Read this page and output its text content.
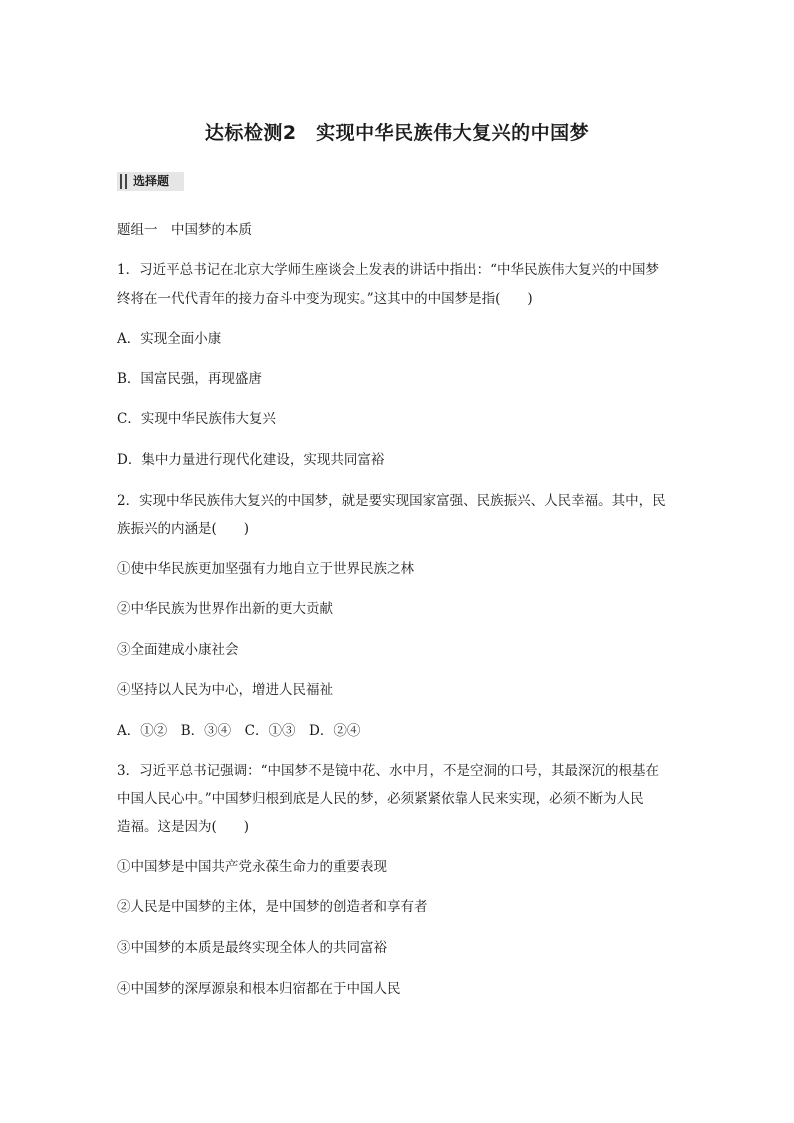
达标检测2　实现中华民族伟大复兴的中国梦
选择题
题组一　中国梦的本质
1．习近平总书记在北京大学师生座谈会上发表的讲话中指出：“中华民族伟大复兴的中国梦
终将在一代代青年的接力奋斗中变为现实。”这其中的中国梦是指(　　)
A．实现全面小康
B．国富民强，再现盛唐
C．实现中华民族伟大复兴
D．集中力量进行现代化建设，实现共同富裕
2．实现中华民族伟大复兴的中国梦，就是要实现国家富强、民族振兴、人民幸福。其中，民
族振兴的内涵是(　　)
①使中华民族更加坚强有力地自立于世界民族之林
②中华民族为世界作出新的更大贡献
③全面建成小康社会
④坚持以人民为中心，增进人民福祉
A．①②　B．③④　C．①③　D．②④
3．习近平总书记强调：“中国梦不是镜中花、水中月，不是空洞的口号，其最深沉的根基在
中国人民心中。”中国梦归根到底是人民的梦，必须紧紧依靠人民来实现，必须不断为人民
造福。这是因为(　　)
①中国梦是中国共产党永葆生命力的重要表现
②人民是中国梦的主体，是中国梦的创造者和享有者
③中国梦的本质是最终实现全体人的共同富裕
④中国梦的深厚源泉和根本归宿都在于中国人民
